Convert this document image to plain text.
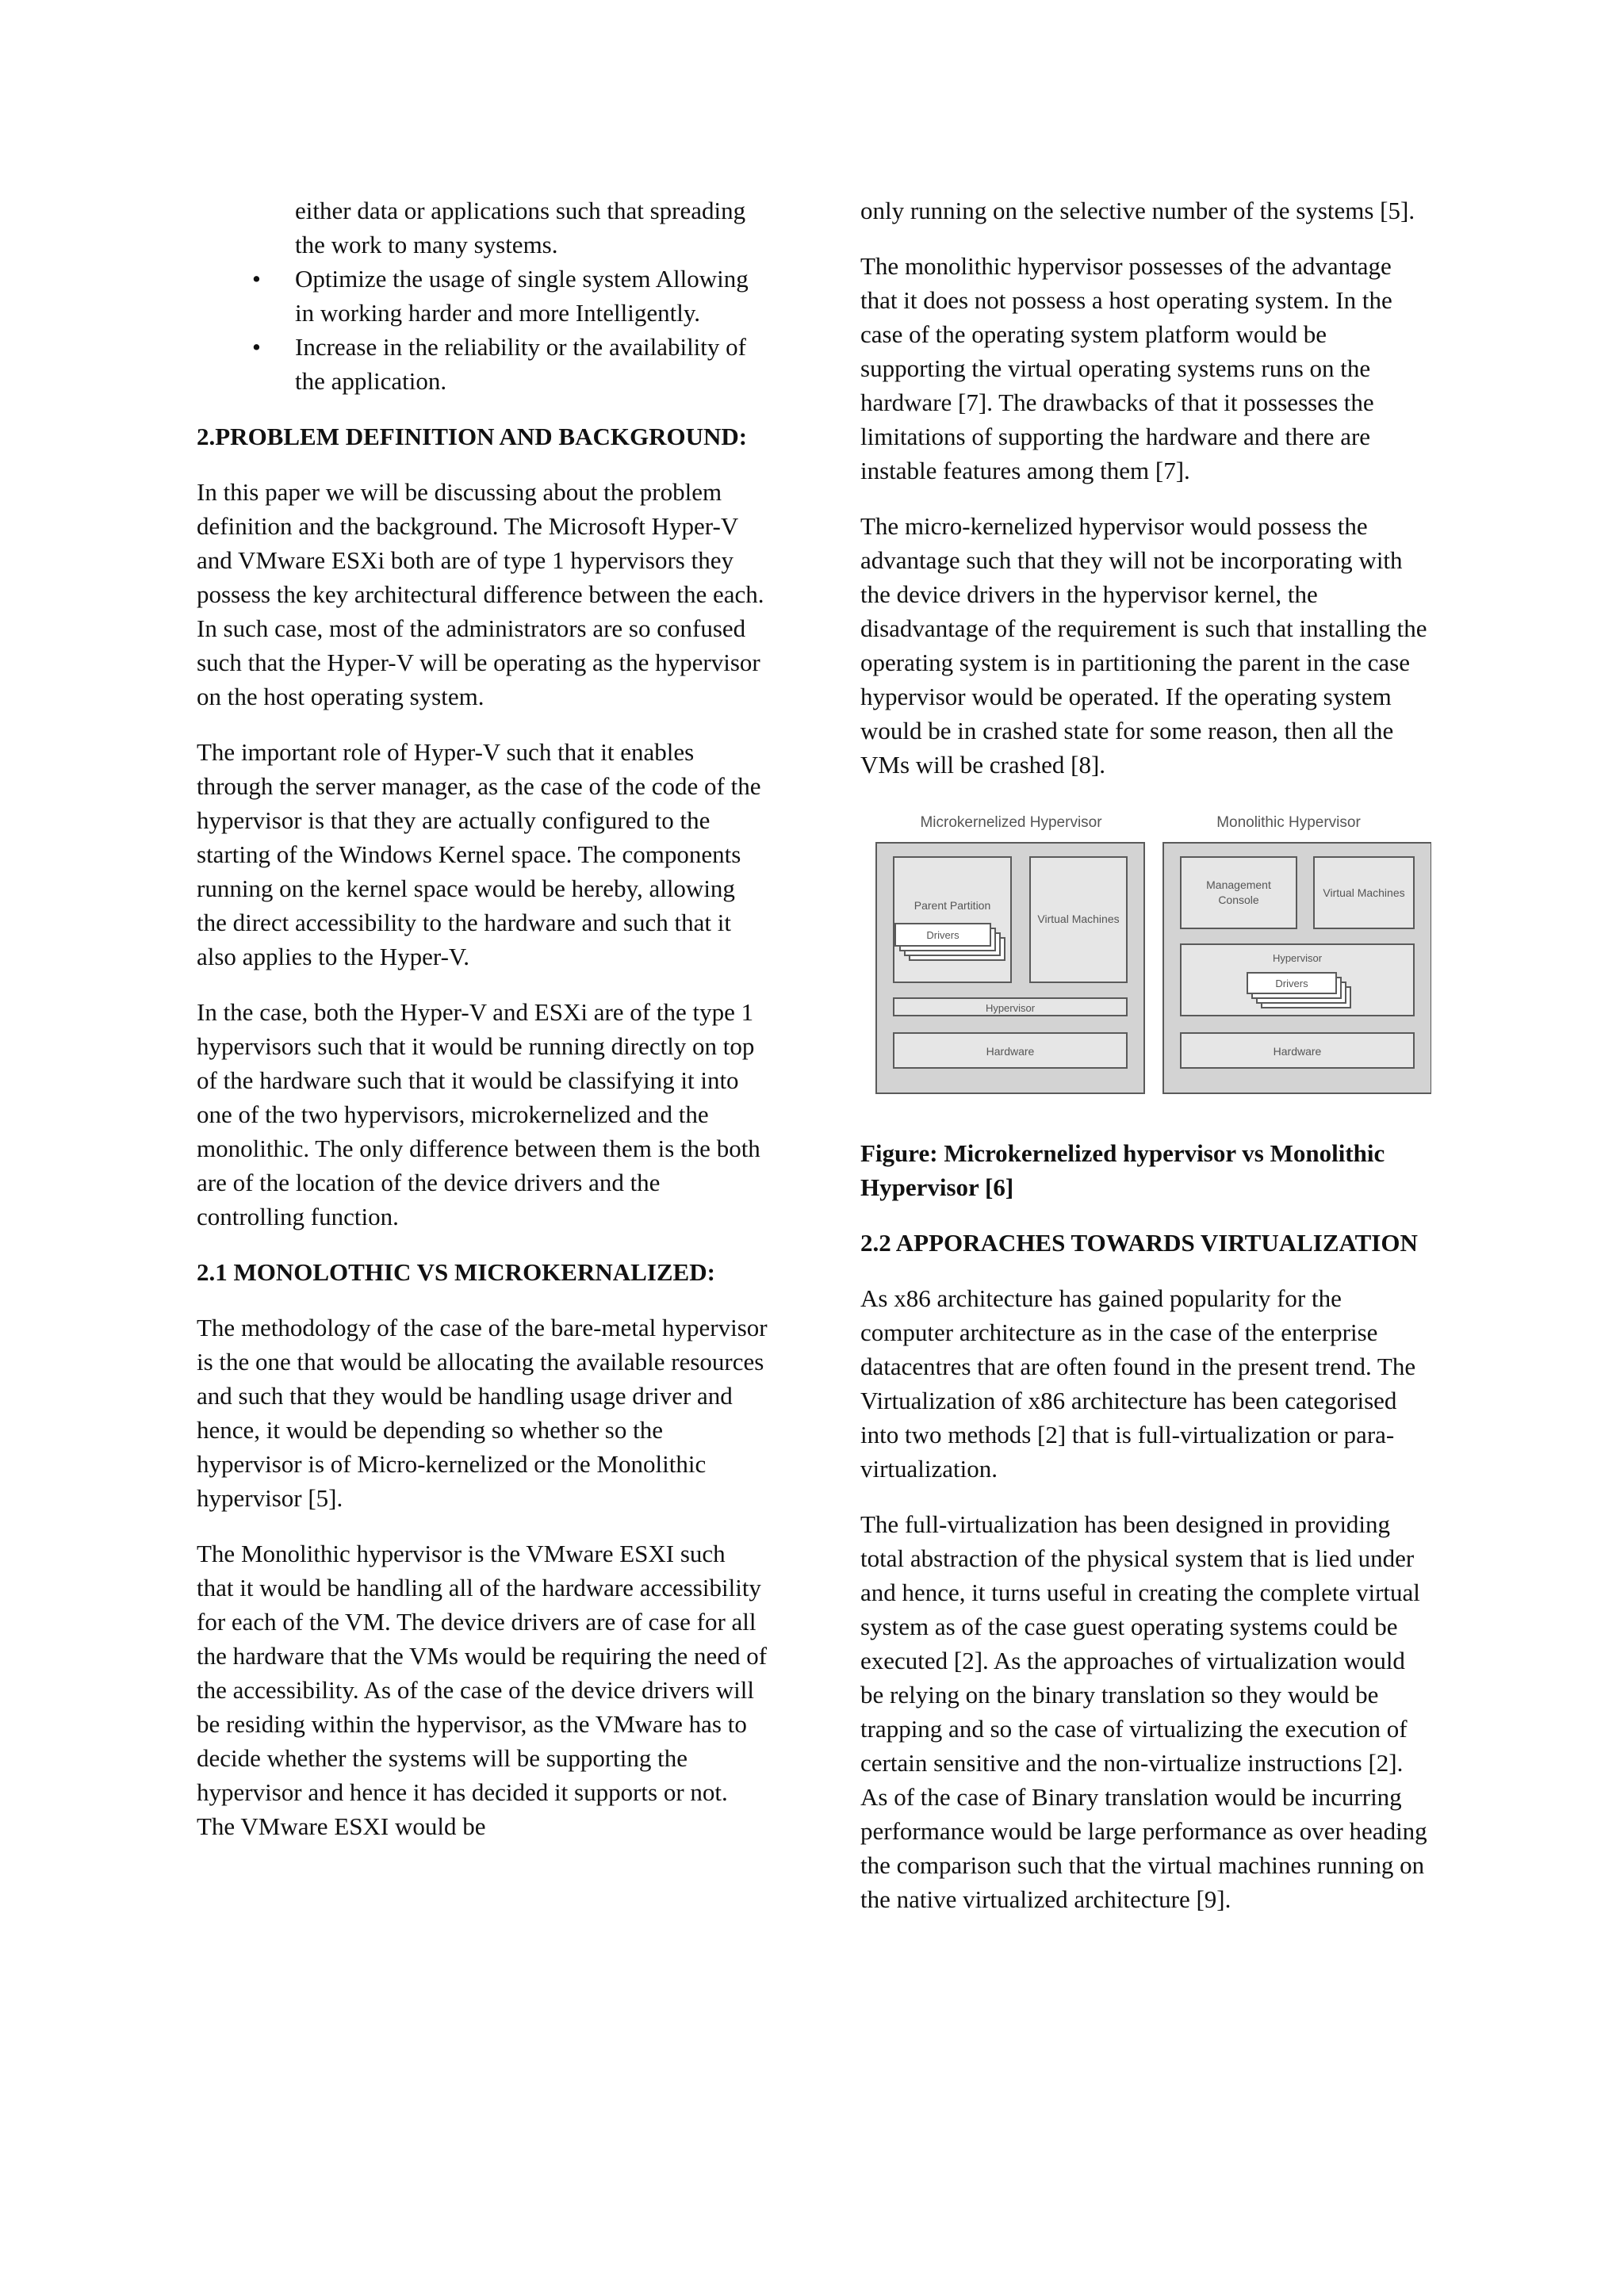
either data or applications such that spreading the work to many systems.

• Optimize the usage of single system Allowing in working harder and more Intelligently.
• Increase in the reliability or the availability of the application.

2.PROBLEM DEFINITION AND BACKGROUND:

In this paper we will be discussing about the problem definition and the background. The Microsoft Hyper-V and VMware ESXi both are of type 1 hypervisors they possess the key architectural difference between the each. In such case, most of the administrators are so confused such that the Hyper-V will be operating as the hypervisor on the host operating system.

The important role of Hyper-V such that it enables through the server manager, as the case of the code of the hypervisor is that they are actually configured to the starting of the Windows Kernel space. The components running on the kernel space would be hereby, allowing the direct accessibility to the hardware and such that it also applies to the Hyper-V.

In the case, both the Hyper-V and ESXi are of the type 1 hypervisors such that it would be running directly on top of the hardware such that it would be classifying it into one of the two hypervisors, microkernelized and the monolithic. The only difference between them is the both are of the location of the device drivers and the controlling function.

2.1 MONOLOTHIC VS MICROKERNALIZED:

The methodology of the case of the bare-metal hypervisor is the one that would be allocating the available resources and such that they would be handling usage driver and hence, it would be depending so whether so the hypervisor is of Micro-kernelized or the Monolithic hypervisor [5].

The Monolithic hypervisor is the VMware ESXI such that it would be handling all of the hardware accessibility for each of the VM. The device drivers are of case for all the hardware that the VMs would be requiring the need of the accessibility. As of the case of the device drivers will be residing within the hypervisor, as the VMware has to decide whether the systems will be supporting the hypervisor and hence it has decided it supports or not. The VMware ESXI would be

only running on the selective number of the systems [5].

The monolithic hypervisor possesses of the advantage that it does not possess a host operating system. In the case of the operating system platform would be supporting the virtual operating systems runs on the hardware [7]. The drawbacks of that it possesses the limitations of supporting the hardware and there are instable features among them [7].

The micro-kernelized hypervisor would possess the advantage such that they will not be incorporating with the device drivers in the hypervisor kernel, the disadvantage of the requirement is such that installing the operating system is in partitioning the parent in the case hypervisor would be operated. If the operating system would be in crashed state for some reason, then all the VMs will be crashed [8].

Microkernelized Hypervisor
Parent Partition
Drivers
Virtual Machines
Hypervisor
Hardware
Monolithic Hypervisor
Management
Console
Virtual Machines
Hypervisor
Drivers
Hardware

Figure: Microkernelized hypervisor vs Monolithic Hypervisor [6]

2.2 APPORACHES TOWARDS VIRTUALIZATION

As x86 architecture has gained popularity for the computer architecture as in the case of the enterprise datacentres that are often found in the present trend. The Virtualization of x86 architecture has been categorised into two methods [2] that is full-virtualization or para-virtualization.

The full-virtualization has been designed in providing total abstraction of the physical system that is lied under and hence, it turns useful in creating the complete virtual system as of the case guest operating systems could be executed [2]. As the approaches of virtualization would be relying on the binary translation so they would be trapping and so the case of virtualizing the execution of certain sensitive and the non-virtualize instructions [2]. As of the case of Binary translation would be incurring performance would be large performance as over heading the comparison such that the virtual machines running on the native virtualized architecture [9].
